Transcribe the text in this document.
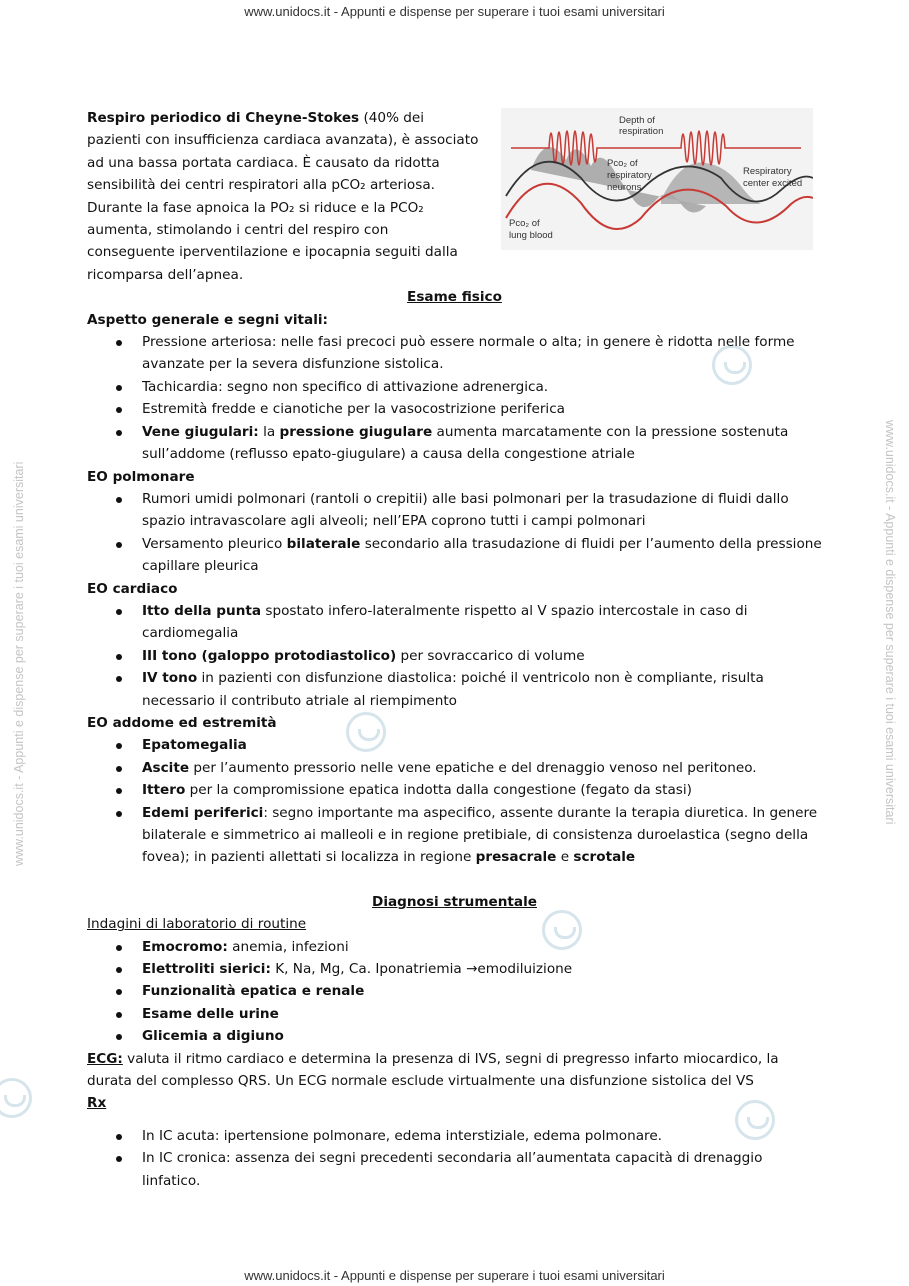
www.unidocs.it - Appunti e dispense per superare i tuoi esami universitari
www.unidocs.it - Appunti e dispense per superare i tuoi esami universitari	www.unidocs.it - Appunti e dispense per superare i tuoi esami universitari
Depth of
respiration
Pco₂ of
respiratory
neurons
Respiratory
center excited
Pco₂ of
lung blood
Respiro periodico di Cheyne-Stokes (40% dei pazienti con insufficienza cardiaca avanzata), è associato ad una bassa portata cardiaca. È causato da ridotta sensibilità dei centri respiratori alla pCO₂ arteriosa. Durante la fase apnoica la PO₂ si riduce e la PCO₂ aumenta, stimolando i centri del respiro con conseguente iperventilazione e ipocapnia seguiti dalla ricomparsa dell’apnea.
Esame fisico
Aspetto generale e segni vitali:
Pressione arteriosa: nelle fasi precoci può essere normale o alta; in genere è ridotta nelle forme avanzate per la severa disfunzione sistolica.
Tachicardia: segno non specifico di attivazione adrenergica.
Estremità fredde e cianotiche per la vasocostrizione periferica
Vene giugulari: la pressione giugulare aumenta marcatamente con la pressione sostenuta sull’addome (reflusso epato-giugulare) a causa della congestione atriale
EO polmonare
Rumori umidi polmonari (rantoli o crepitii) alle basi polmonari per la trasudazione di fluidi dallo spazio intravascolare agli alveoli; nell’EPA coprono tutti i campi polmonari
Versamento pleurico bilaterale secondario alla trasudazione di fluidi per l’aumento della pressione capillare pleurica
EO cardiaco
Itto della punta spostato infero-lateralmente rispetto al V spazio intercostale in caso di cardiomegalia
III tono (galoppo protodiastolico) per sovraccarico di volume
IV tono in pazienti con disfunzione diastolica: poiché il ventricolo non è compliante, risulta necessario il contributo atriale al riempimento
EO addome ed estremità
Epatomegalia
Ascite per l’aumento pressorio nelle vene epatiche e del drenaggio venoso nel peritoneo.
Ittero per la compromissione epatica indotta dalla congestione (fegato da stasi)
Edemi periferici: segno importante ma aspecifico, assente durante la terapia diuretica. In genere bilaterale e simmetrico ai malleoli e in regione pretibiale, di consistenza duroelastica (segno della fovea); in pazienti allettati si localizza in regione presacrale e scrotale
Diagnosi strumentale
Indagini di laboratorio di routine
Emocromo: anemia, infezioni
Elettroliti sierici: K, Na, Mg, Ca. Iponatriemia →emodiluizione
Funzionalità epatica e renale
Esame delle urine
Glicemia a digiuno
ECG: valuta il ritmo cardiaco e determina la presenza di IVS, segni di pregresso infarto miocardico, la durata del complesso QRS. Un ECG normale esclude virtualmente una disfunzione sistolica del VS
Rx
In IC acuta: ipertensione polmonare, edema interstiziale, edema polmonare.
In IC cronica: assenza dei segni precedenti secondaria all’aumentata capacità di drenaggio linfatico.
www.unidocs.it - Appunti e dispense per superare i tuoi esami universitari
